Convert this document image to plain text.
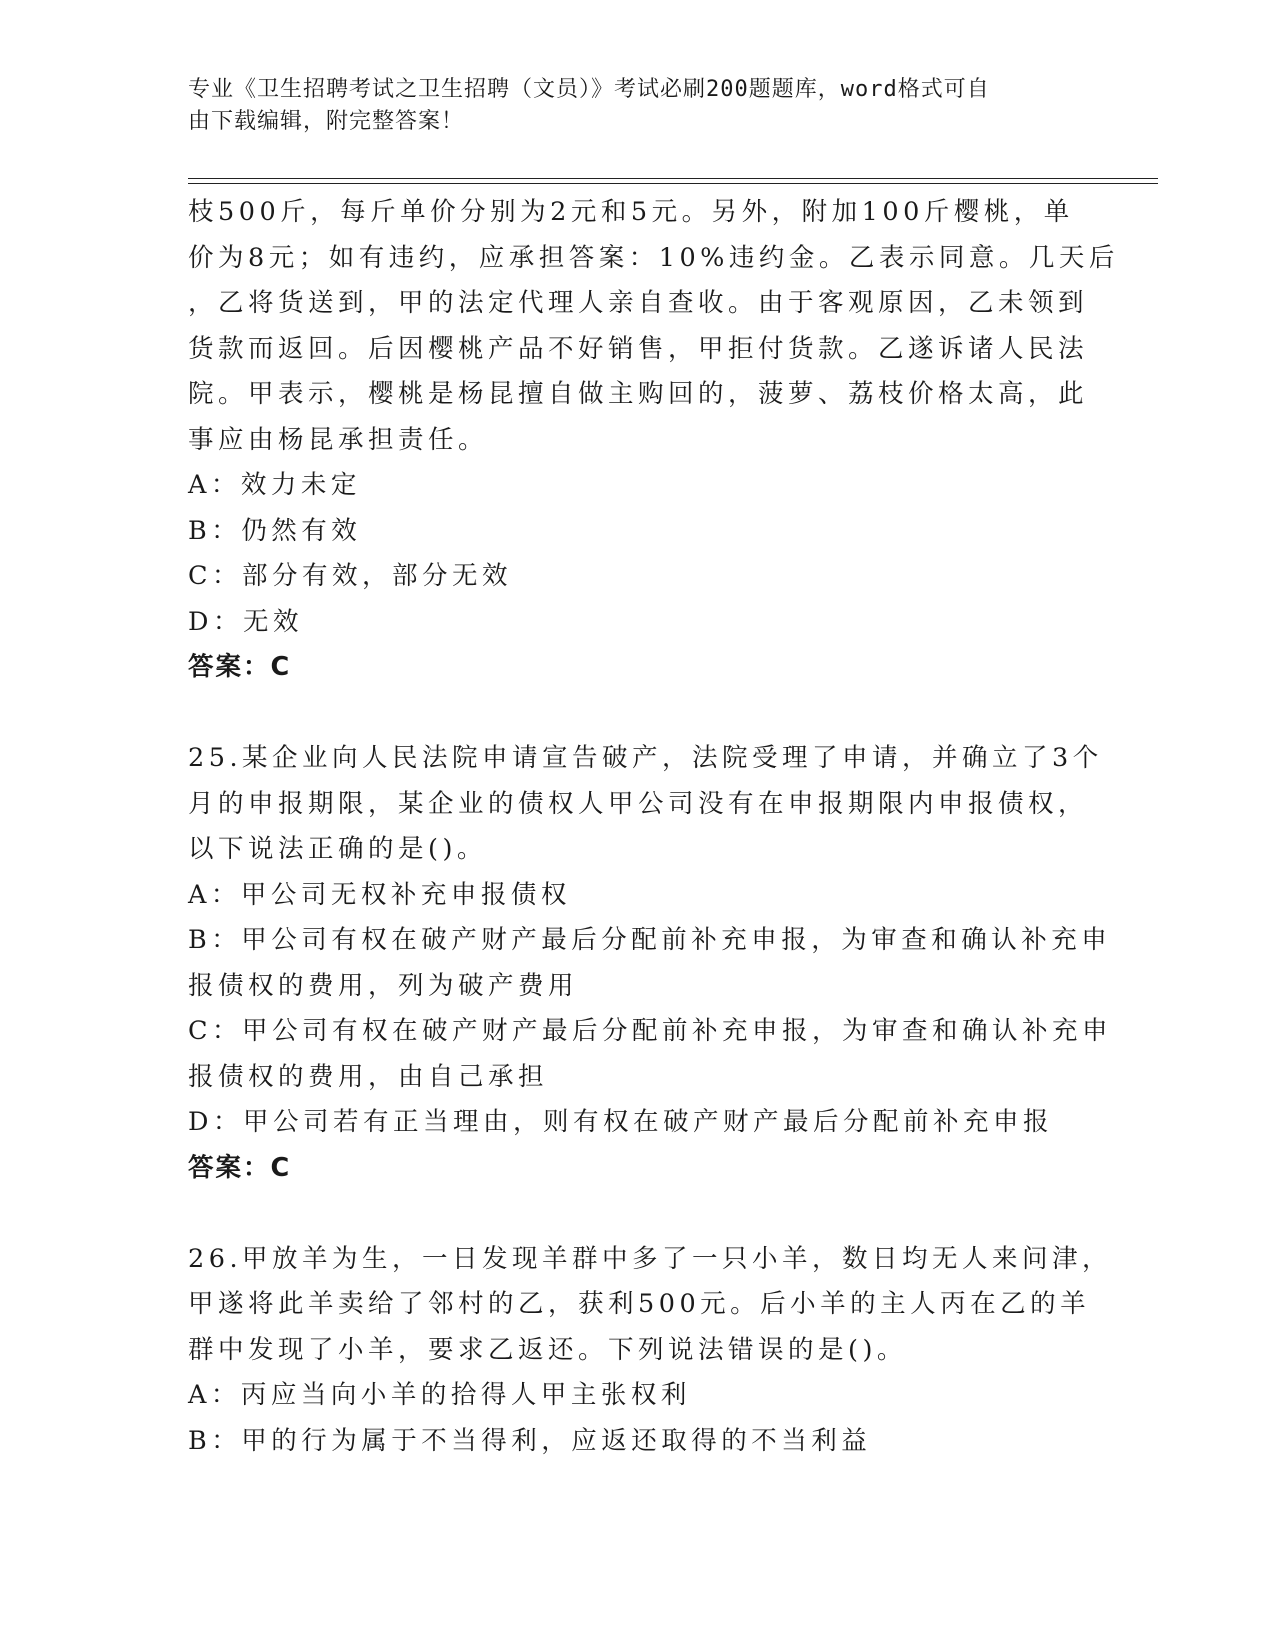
专业《卫生招聘考试之卫生招聘（文员）》考试必刷200题题库，word格式可自
由下载编辑，附完整答案！
枝500斤，每斤单价分别为2元和5元。另外，附加100斤樱桃，单
价为8元；如有违约，应承担答案：10%违约金。乙表示同意。几天后
，乙将货送到，甲的法定代理人亲自查收。由于客观原因，乙未领到
货款而返回。后因樱桃产品不好销售，甲拒付货款。乙遂诉诸人民法
院。甲表示，樱桃是杨昆擅自做主购回的，菠萝、荔枝价格太高，此
事应由杨昆承担责任。
A：效力未定
B：仍然有效
C：部分有效，部分无效
D：无效
答案：C
25.某企业向人民法院申请宣告破产，法院受理了申请，并确立了3个
月的申报期限，某企业的债权人甲公司没有在申报期限内申报债权，
以下说法正确的是()。
A：甲公司无权补充申报债权
B：甲公司有权在破产财产最后分配前补充申报，为审查和确认补充申
报债权的费用，列为破产费用
C：甲公司有权在破产财产最后分配前补充申报，为审查和确认补充申
报债权的费用，由自己承担
D：甲公司若有正当理由，则有权在破产财产最后分配前补充申报
答案：C
26.甲放羊为生，一日发现羊群中多了一只小羊，数日均无人来问津，
甲遂将此羊卖给了邻村的乙，获利500元。后小羊的主人丙在乙的羊
群中发现了小羊，要求乙返还。下列说法错误的是()。
A：丙应当向小羊的拾得人甲主张权利
B：甲的行为属于不当得利，应返还取得的不当利益
